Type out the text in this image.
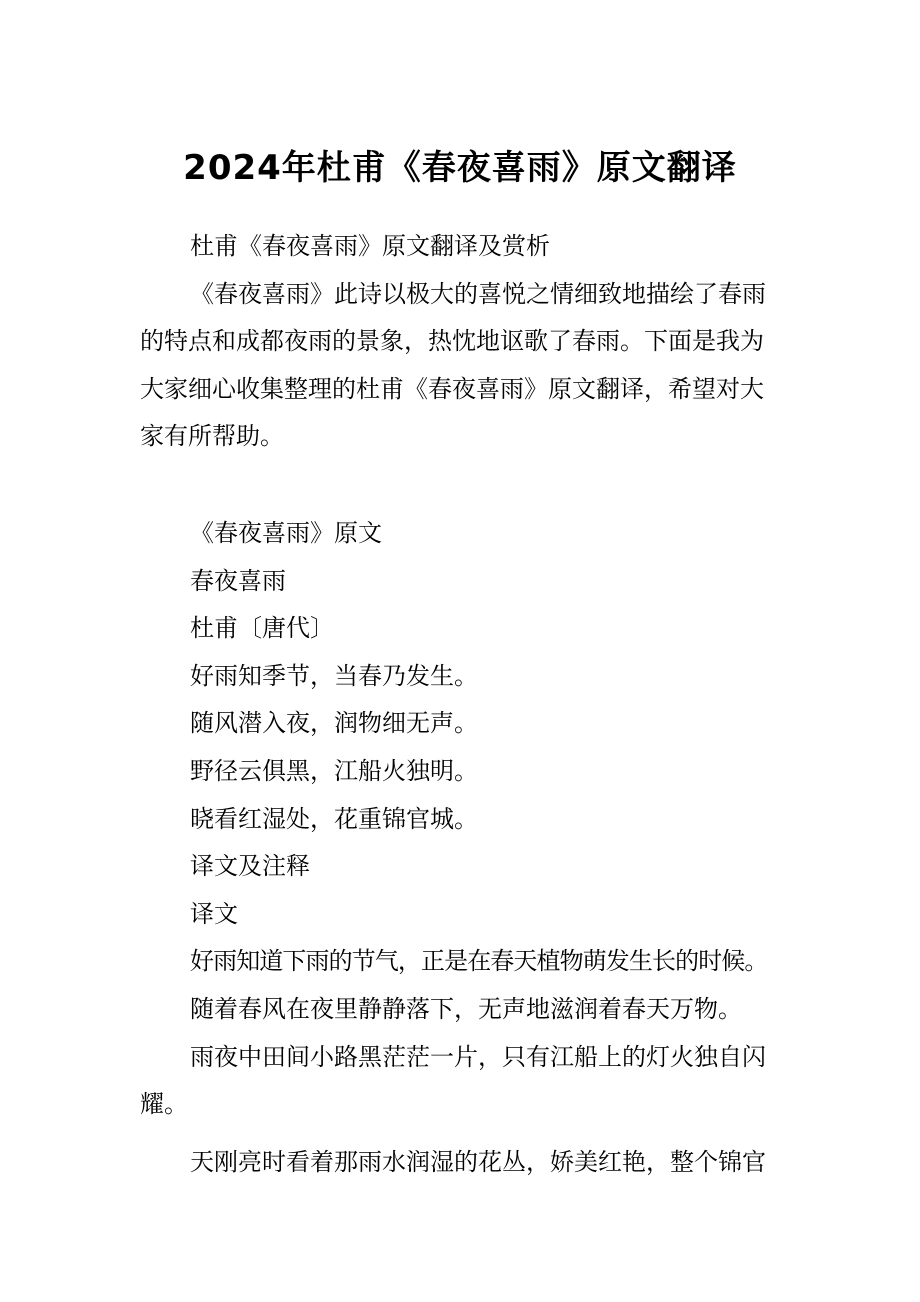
2024年杜甫《春夜喜雨》原文翻译

杜甫《春夜喜雨》原文翻译及赏析

《春夜喜雨》此诗以极大的喜悦之情细致地描绘了春雨

的特点和成都夜雨的景象，热忱地讴歌了春雨。下面是我为

大家细心收集整理的杜甫《春夜喜雨》原文翻译，希望对大

家有所帮助。

《春夜喜雨》原文

春夜喜雨

杜甫〔唐代〕

好雨知季节，当春乃发生。

随风潜入夜，润物细无声。

野径云俱黑，江船火独明。

晓看红湿处，花重锦官城。

译文及注释

译文

好雨知道下雨的节气，正是在春天植物萌发生长的时候。

随着春风在夜里静静落下，无声地滋润着春天万物。

雨夜中田间小路黑茫茫一片，只有江船上的灯火独自闪

耀。

天刚亮时看着那雨水润湿的花丛，娇美红艳，整个锦官
